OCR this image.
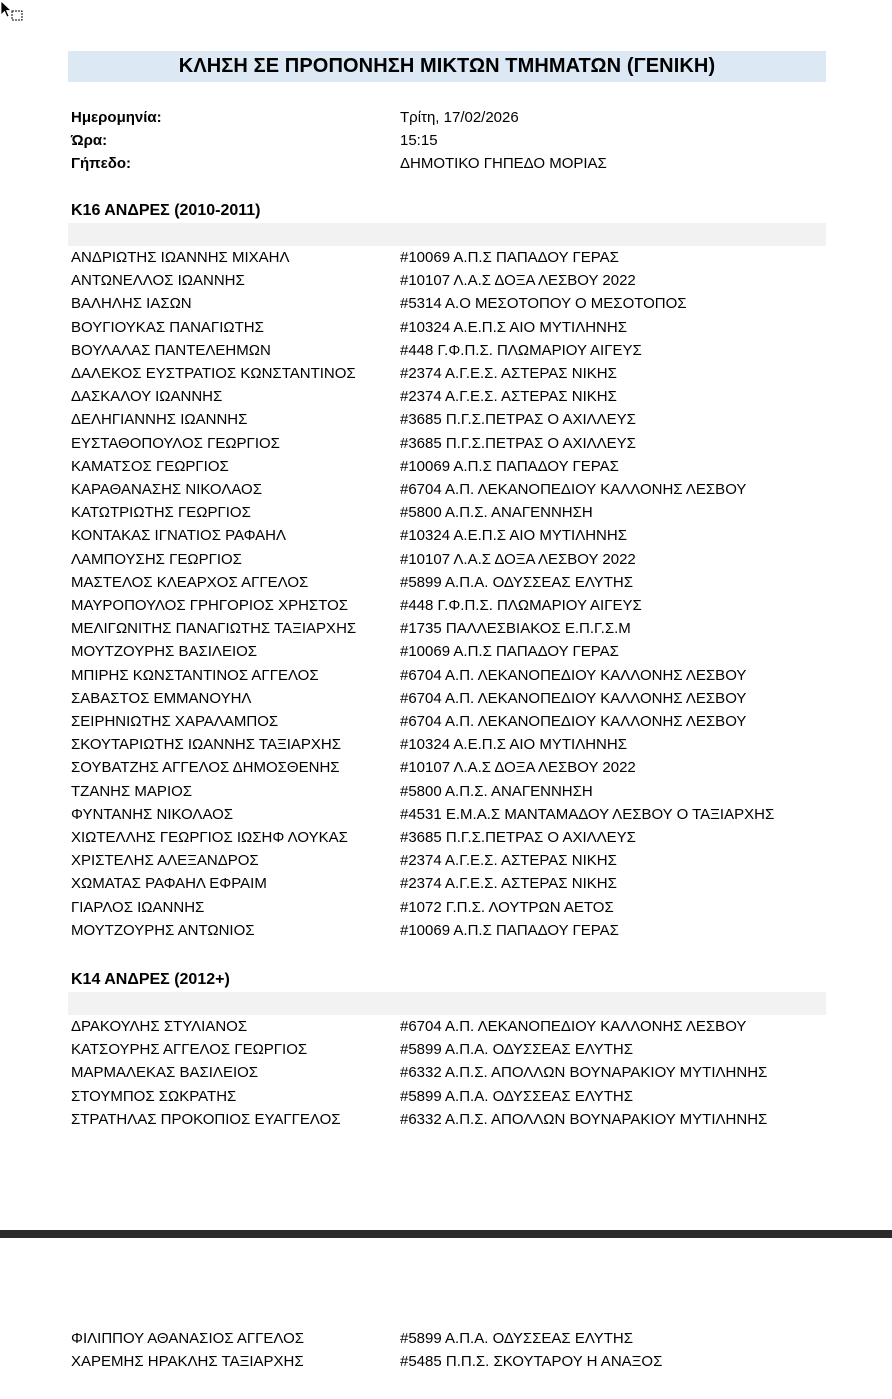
ΚΛΗΣΗ ΣΕ ΠΡΟΠΟΝΗΣΗ ΜΙΚΤΩΝ ΤΜΗΜΑΤΩΝ (ΓΕΝΙΚΗ)
Ημερομηνία:	Τρίτη, 17/02/2026
Ώρα:	15:15
Γήπεδο:	ΔΗΜΟΤΙΚΟ ΓΗΠΕΔΟ ΜΟΡΙΑΣ
Κ16 ΑΝΔΡΕΣ (2010-2011)
ΑΝΔΡΙΩΤΗΣ ΙΩΑΝΝΗΣ ΜΙΧΑΗΛ	#10069 Α.Π.Σ ΠΑΠΑΔΟΥ ΓΕΡΑΣ
ΑΝΤΩΝΕΛΛΟΣ ΙΩΑΝΝΗΣ	#10107 Λ.Α.Σ ΔΟΞΑ ΛΕΣΒΟΥ 2022
ΒΑΛΗΛΗΣ ΙΑΣΩΝ	#5314 Α.Ο ΜΕΣΟΤΟΠΟΥ Ο ΜΕΣΟΤΟΠΟΣ
ΒΟΥΓΙΟΥΚΑΣ ΠΑΝΑΓΙΩΤΗΣ	#10324 Α.Ε.Π.Σ ΑΙΟ ΜΥΤΙΛΗΝΗΣ
ΒΟΥΛΑΛΑΣ ΠΑΝΤΕΛΕΗΜΩΝ	#448 Γ.Φ.Π.Σ. ΠΛΩΜΑΡΙΟΥ ΑΙΓΕΥΣ
ΔΑΛΕΚΟΣ ΕΥΣΤΡΑΤΙΟΣ ΚΩΝΣΤΑΝΤΙΝΟΣ	#2374 Α.Γ.Ε.Σ. ΑΣΤΕΡΑΣ ΝΙΚΗΣ
ΔΑΣΚΑΛΟΥ ΙΩΑΝΝΗΣ	#2374 Α.Γ.Ε.Σ. ΑΣΤΕΡΑΣ ΝΙΚΗΣ
ΔΕΛΗΓΙΑΝΝΗΣ ΙΩΑΝΝΗΣ	#3685 Π.Γ.Σ.ΠΕΤΡΑΣ Ο ΑΧΙΛΛΕΥΣ
ΕΥΣΤΑΘΟΠΟΥΛΟΣ ΓΕΩΡΓΙΟΣ	#3685 Π.Γ.Σ.ΠΕΤΡΑΣ Ο ΑΧΙΛΛΕΥΣ
ΚΑΜΑΤΣΟΣ ΓΕΩΡΓΙΟΣ	#10069 Α.Π.Σ ΠΑΠΑΔΟΥ ΓΕΡΑΣ
ΚΑΡΑΘΑΝΑΣΗΣ ΝΙΚΟΛΑΟΣ	#6704 Α.Π. ΛΕΚΑΝΟΠΕΔΙΟΥ ΚΑΛΛΟΝΗΣ ΛΕΣΒΟΥ
ΚΑΤΩΤΡΙΩΤΗΣ ΓΕΩΡΓΙΟΣ	#5800 Α.Π.Σ. ΑΝΑΓΕΝΝΗΣΗ
ΚΟΝΤΑΚΑΣ ΙΓΝΑΤΙΟΣ ΡΑΦΑΗΛ	#10324 Α.Ε.Π.Σ ΑΙΟ ΜΥΤΙΛΗΝΗΣ
ΛΑΜΠΟΥΣΗΣ ΓΕΩΡΓΙΟΣ	#10107 Λ.Α.Σ ΔΟΞΑ ΛΕΣΒΟΥ 2022
ΜΑΣΤΕΛΟΣ ΚΛΕΑΡΧΟΣ ΑΓΓΕΛΟΣ	#5899 Α.Π.Α. ΟΔΥΣΣΕΑΣ ΕΛΥΤΗΣ
ΜΑΥΡΟΠΟΥΛΟΣ ΓΡΗΓΟΡΙΟΣ ΧΡΗΣΤΟΣ	#448 Γ.Φ.Π.Σ. ΠΛΩΜΑΡΙΟΥ ΑΙΓΕΥΣ
ΜΕΛΙΓΩΝΙΤΗΣ ΠΑΝΑΓΙΩΤΗΣ ΤΑΞΙΑΡΧΗΣ	#1735 ΠΑΛΛΕΣΒΙΑΚΟΣ Ε.Π.Γ.Σ.Μ
ΜΟΥΤΖΟΥΡΗΣ ΒΑΣΙΛΕΙΟΣ	#10069 Α.Π.Σ ΠΑΠΑΔΟΥ ΓΕΡΑΣ
ΜΠΙΡΗΣ ΚΩΝΣΤΑΝΤΙΝΟΣ ΑΓΓΕΛΟΣ	#6704 Α.Π. ΛΕΚΑΝΟΠΕΔΙΟΥ ΚΑΛΛΟΝΗΣ ΛΕΣΒΟΥ
ΣΑΒΑΣΤΟΣ ΕΜΜΑΝΟΥΗΛ	#6704 Α.Π. ΛΕΚΑΝΟΠΕΔΙΟΥ ΚΑΛΛΟΝΗΣ ΛΕΣΒΟΥ
ΣΕΙΡΗΝΙΩΤΗΣ ΧΑΡΑΛΑΜΠΟΣ	#6704 Α.Π. ΛΕΚΑΝΟΠΕΔΙΟΥ ΚΑΛΛΟΝΗΣ ΛΕΣΒΟΥ
ΣΚΟΥΤΑΡΙΩΤΗΣ ΙΩΑΝΝΗΣ ΤΑΞΙΑΡΧΗΣ	#10324 Α.Ε.Π.Σ ΑΙΟ ΜΥΤΙΛΗΝΗΣ
ΣΟΥΒΑΤΖΗΣ ΑΓΓΕΛΟΣ ΔΗΜΟΣΘΕΝΗΣ	#10107 Λ.Α.Σ ΔΟΞΑ ΛΕΣΒΟΥ 2022
ΤΖΑΝΗΣ ΜΑΡΙΟΣ	#5800 Α.Π.Σ. ΑΝΑΓΕΝΝΗΣΗ
ΦΥΝΤΑΝΗΣ ΝΙΚΟΛΑΟΣ	#4531 Ε.Μ.Α.Σ ΜΑΝΤΑΜΑΔΟΥ ΛΕΣΒΟΥ Ο ΤΑΞΙΑΡΧΗΣ
ΧΙΩΤΕΛΛΗΣ ΓΕΩΡΓΙΟΣ ΙΩΣΗΦ ΛΟΥΚΑΣ	#3685 Π.Γ.Σ.ΠΕΤΡΑΣ Ο ΑΧΙΛΛΕΥΣ
ΧΡΙΣΤΕΛΗΣ ΑΛΕΞΑΝΔΡΟΣ	#2374 Α.Γ.Ε.Σ. ΑΣΤΕΡΑΣ ΝΙΚΗΣ
ΧΩΜΑΤΑΣ ΡΑΦΑΗΛ ΕΦΡΑΙΜ	#2374 Α.Γ.Ε.Σ. ΑΣΤΕΡΑΣ ΝΙΚΗΣ
ΓΙΑΡΛΟΣ ΙΩΑΝΝΗΣ	#1072 Γ.Π.Σ. ΛΟΥΤΡΩΝ ΑΕΤΟΣ
ΜΟΥΤΖΟΥΡΗΣ ΑΝΤΩΝΙΟΣ	#10069 Α.Π.Σ ΠΑΠΑΔΟΥ ΓΕΡΑΣ
Κ14 ΑΝΔΡΕΣ (2012+)
ΔΡΑΚΟΥΛΗΣ ΣΤΥΛΙΑΝΟΣ	#6704 Α.Π. ΛΕΚΑΝΟΠΕΔΙΟΥ ΚΑΛΛΟΝΗΣ ΛΕΣΒΟΥ
ΚΑΤΣΟΥΡΗΣ ΑΓΓΕΛΟΣ ΓΕΩΡΓΙΟΣ	#5899 Α.Π.Α. ΟΔΥΣΣΕΑΣ ΕΛΥΤΗΣ
ΜΑΡΜΑΛΕΚΑΣ ΒΑΣΙΛΕΙΟΣ	#6332 Α.Π.Σ. ΑΠΟΛΛΩΝ ΒΟΥΝΑΡΑΚΙΟΥ ΜΥΤΙΛΗΝΗΣ
ΣΤΟΥΜΠΟΣ ΣΩΚΡΑΤΗΣ	#5899 Α.Π.Α. ΟΔΥΣΣΕΑΣ ΕΛΥΤΗΣ
ΣΤΡΑΤΗΛΑΣ ΠΡΟΚΟΠΙΟΣ ΕΥΑΓΓΕΛΟΣ	#6332 Α.Π.Σ. ΑΠΟΛΛΩΝ ΒΟΥΝΑΡΑΚΙΟΥ ΜΥΤΙΛΗΝΗΣ
ΦΙΛΙΠΠΟΥ ΑΘΑΝΑΣΙΟΣ ΑΓΓΕΛΟΣ	#5899 Α.Π.Α. ΟΔΥΣΣΕΑΣ ΕΛΥΤΗΣ
ΧΑΡΕΜΗΣ ΗΡΑΚΛΗΣ ΤΑΞΙΑΡΧΗΣ	#5485 Π.Π.Σ. ΣΚΟΥΤΑΡΟΥ Η ΑΝΑΞΟΣ
